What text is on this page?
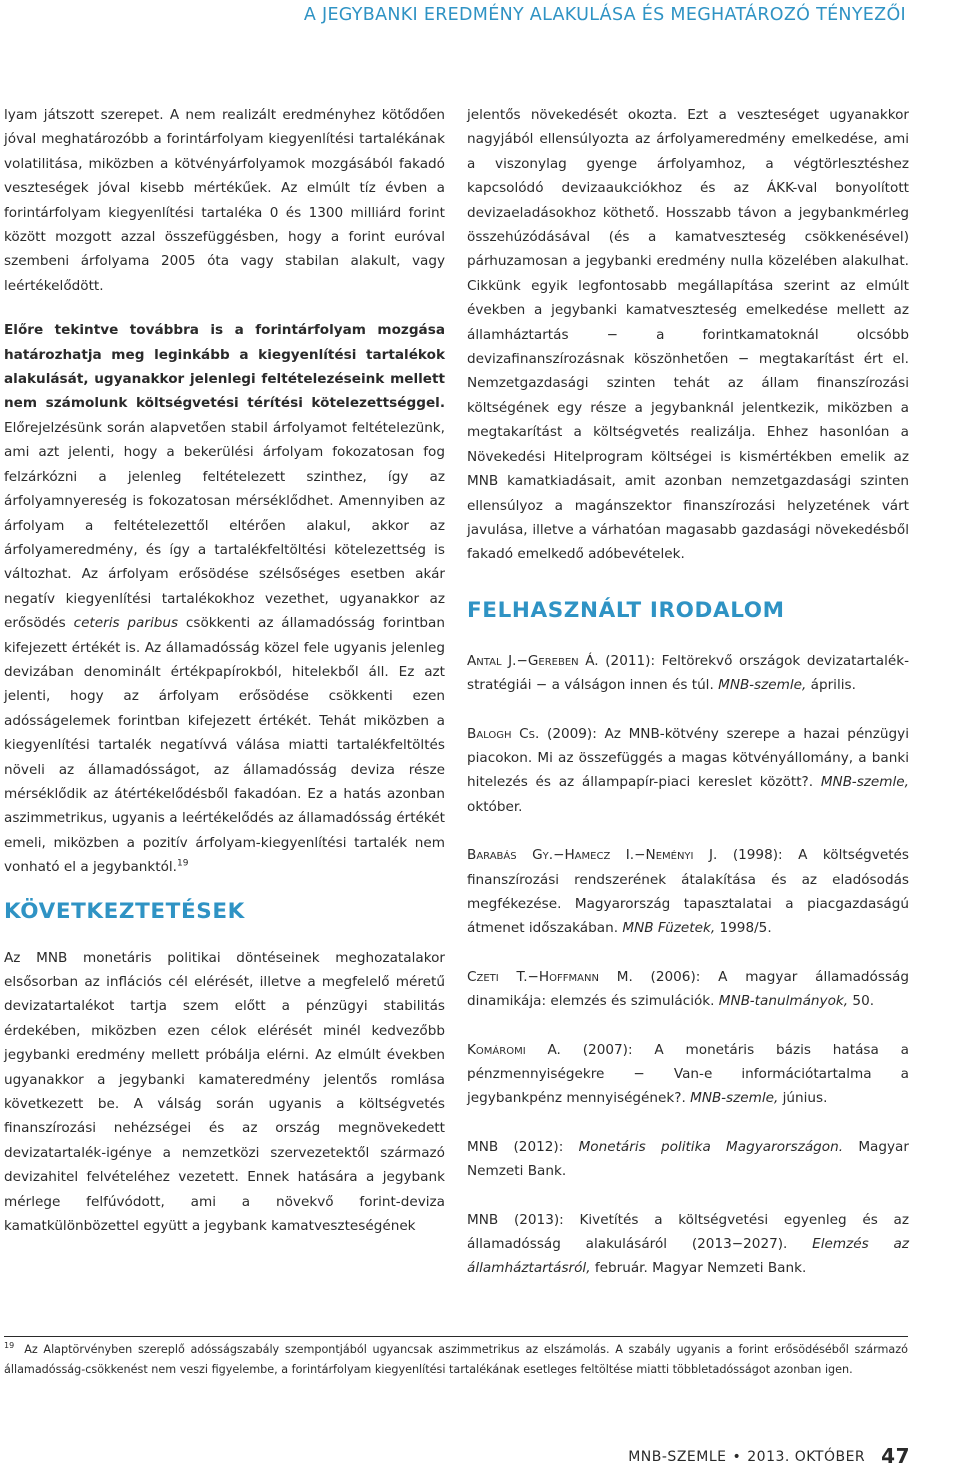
A JEGYBANKI EREDMÉNY ALAKULÁSA ÉS MEGHATÁROZÓ TÉNYEZŐI

lyam játszott szerepet. A nem realizált eredményhez kötődően jóval meghatározóbb a forintárfolyam kiegyenlítési tartalékának volatilitása, miközben a kötvényárfolyamok mozgásából fakadó veszteségek jóval kisebb mértékűek. Az elmúlt tíz évben a forintárfolyam kiegyenlítési tartaléka 0 és 1300 milliárd forint között mozgott azzal összefüggésben, hogy a forint euróval szembeni árfolyama 2005 óta vagy stabilan alakult, vagy leértékelődött.

Előre tekintve továbbra is a forintárfolyam mozgása határozhatja meg leginkább a kiegyenlítési tartalékok alakulását, ugyanakkor jelenlegi feltételezéseink mellett nem számolunk költségvetési térítési kötelezettséggel. Előrejelzésünk során alapvetően stabil árfolyamot feltételezünk, ami azt jelenti, hogy a bekerülési árfolyam fokozatosan fog felzárkózni a jelenleg feltételezett szinthez, így az árfolyamnyereség is fokozatosan mérséklődhet. Amennyiben az árfolyam a feltételezettől eltérően alakul, akkor az árfolyameredmény, és így a tartalékfeltöltési kötelezettség is változhat. Az árfolyam erősödése szélsőséges esetben akár negatív kiegyenlítési tartalékokhoz vezethet, ugyanakkor az erősödés ceteris paribus csökkenti az államadósság forintban kifejezett értékét is. Az államadósság közel fele ugyanis jelenleg devizában denominált értékpapírokból, hitelekből áll. Ez azt jelenti, hogy az árfolyam erősödése csökkenti ezen adósságelemek forintban kifejezett értékét. Tehát miközben a kiegyenlítési tartalék negatívvá válása miatti tartalékfeltöltés növeli az államadósságot, az államadósság deviza része mérséklődik az átértékelődésből fakadóan. Ez a hatás azonban aszimmetrikus, ugyanis a leértékelődés az államadósság értékét emeli, miközben a pozitív árfolyam-kiegyenlítési tartalék nem vonható el a jegybanktól.$^{19}$

KÖVETKEZTETÉSEK

Az MNB monetáris politikai döntéseinek meghozatalakor elsősorban az inflációs cél elérését, illetve a megfelelő méretű devizatartalékot tartja szem előtt a pénzügyi stabilitás érdekében, miközben ezen célok elérését minél kedvezőbb jegybanki eredmény mellett próbálja elérni. Az elmúlt években ugyanakkor a jegybanki kamateredmény jelentős romlása következett be. A válság során ugyanis a költségvetés finanszírozási nehézségei és az ország megnövekedett devizatartalék-igénye a nemzetközi szervezetektől származó devizahitel felvételéhez vezetett. Ennek hatására a jegybank mérlege felfúvódott, ami a növekvő forint-deviza kamatkülönbözettel együtt a jegybank kamatveszteségének

jelentős növekedését okozta. Ezt a veszteséget ugyanakkor nagyjából ellensúlyozta az árfolyameredmény emelkedése, ami a viszonylag gyenge árfolyamhoz, a végtörlesztéshez kapcsolódó devizaaukciókhoz és az ÁKK-val bonyolított devizaeladásokhoz köthető. Hosszabb távon a jegybankmérleg összehúzódásával (és a kamatveszteség csökkenésével) párhuzamosan a jegybanki eredmény nulla közelében alakulhat. Cikkünk egyik legfontosabb megállapítása szerint az elmúlt években a jegybanki kamatveszteség emelkedése mellett az államháztartás − a forintkamatoknál olcsóbb devizafinanszírozásnak köszönhetően − megtakarítást ért el. Nemzetgazdasági szinten tehát az állam finanszírozási költségének egy része a jegybanknál jelentkezik, miközben a megtakarítást a költségvetés realizálja. Ehhez hasonlóan a Növekedési Hitelprogram költségei is kismértékben emelik az MNB kamatkiadásait, amit azonban nemzetgazdasági szinten ellensúlyoz a magánszektor finanszírozási helyzetének várt javulása, illetve a várhatóan magasabb gazdasági növekedésből fakadó emelkedő adóbevételek.

FELHASZNÁLT IRODALOM

Antal J.−Gereben Á. (2011): Feltörekvő országok devizatartalék-stratégiái − a válságon innen és túl. MNB-szemle, április.

Balogh Cs. (2009): Az MNB-kötvény szerepe a hazai pénzügyi piacokon. Mi az összefüggés a magas kötvényállomány, a banki hitelezés és az állampapír-piaci kereslet között?. MNB-szemle, október.

Barabás Gy.−Hamecz I.−Neményi J. (1998): A költségvetés finanszírozási rendszerének átalakítása és az eladósodás megfékezése. Magyarország tapasztalatai a piacgazdaságú átmenet időszakában. MNB Füzetek, 1998/5.

Czeti T.−Hoffmann M. (2006): A magyar államadósság dinamikája: elemzés és szimulációk. MNB-tanulmányok, 50.

Komáromi A. (2007): A monetáris bázis hatása a pénzmennyiségekre − Van-e információtartalma a jegybankpénz mennyiségének?. MNB-szemle, június.

MNB (2012): Monetáris politika Magyarországon. Magyar Nemzeti Bank.

MNB (2013): Kivetítés a költségvetési egyenleg és az államadósság alakulásáról (2013−2027). Elemzés az államháztartásról, február. Magyar Nemzeti Bank.

$^{19}$ Az Alaptörvényben szereplő adósságszabály szempontjából ugyancsak aszimmetrikus az elszámolás. A szabály ugyanis a forint erősödéséből származó államadósság-csökkenést nem veszi figyelembe, a forintárfolyam kiegyenlítési tartalékának esetleges feltöltése miatti többletadósságot azonban igen.
MNB-SZEMLE • 2013. OKTÓBER 47
